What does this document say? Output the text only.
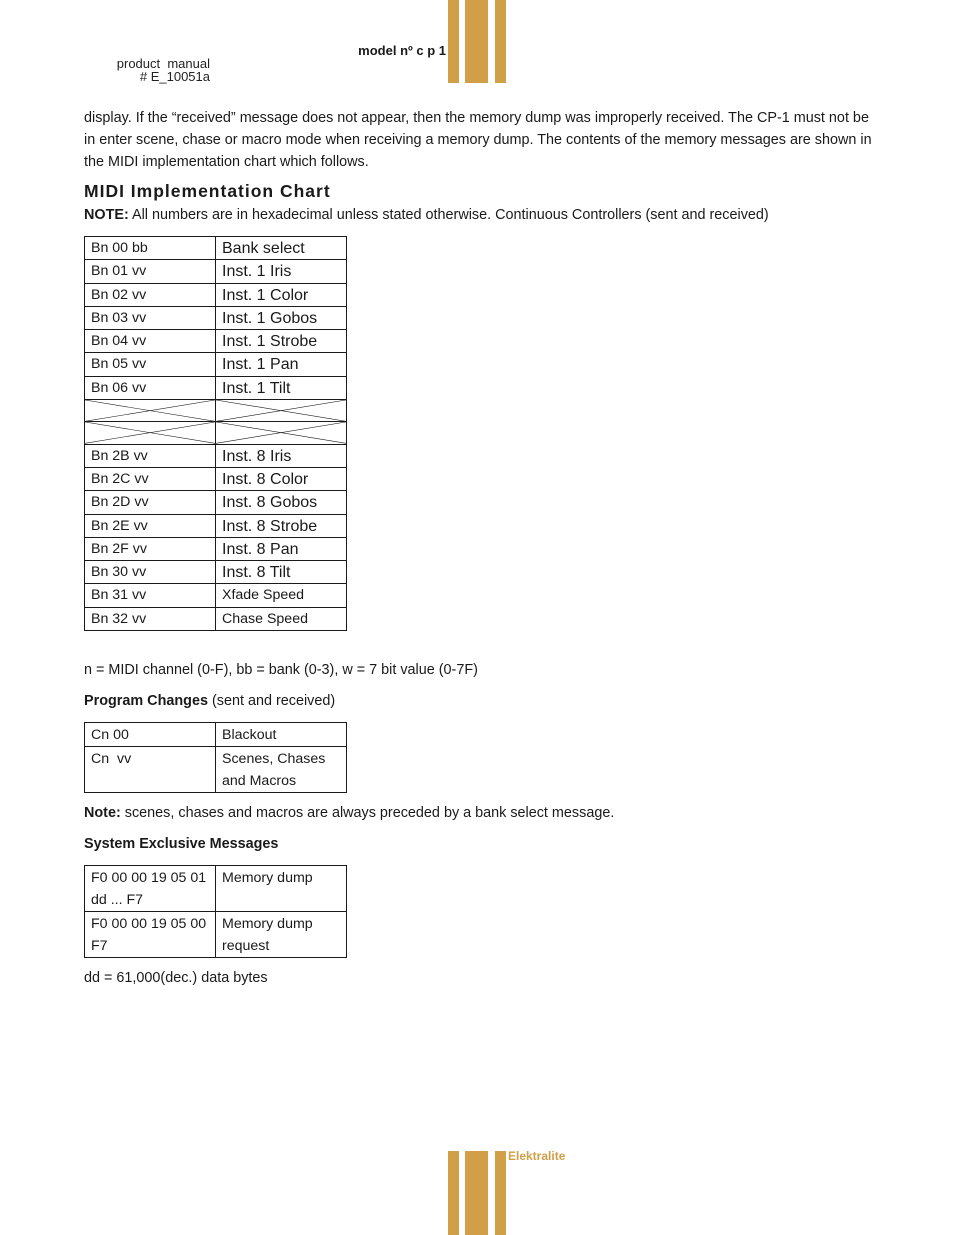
product  manual
# E_10051a
model nº c p 1

display. If the “received” message does not appear, then the memory dump was improperly received. The CP-1 must not be in enter scene, chase or macro mode when receiving a memory dump. The contents of the memory messages are shown in the MIDI implementation chart which follows.

MIDI Implementation Chart
NOTE: All numbers are in hexadecimal unless stated otherwise. Continuous Controllers (sent and received)
Bn 00 bb	Bank select
Bn 01 vv	Inst. 1 Iris
Bn 02 vv	Inst. 1 Color
Bn 03 vv	Inst. 1 Gobos
Bn 04 vv	Inst. 1 Strobe
Bn 05 vv	Inst. 1 Pan
Bn 06 vv	Inst. 1 Tilt

Bn 2B vv	Inst. 8 Iris
Bn 2C vv	Inst. 8 Color
Bn 2D vv	Inst. 8 Gobos
Bn 2E vv	Inst. 8 Strobe
Bn 2F vv	Inst. 8 Pan
Bn 30 vv	Inst. 8 Tilt
Bn 31 vv	Xfade Speed
Bn 32 vv	Chase Speed
n = MIDI channel (0-F), bb = bank (0-3), w = 7 bit value (0-7F)
Program Changes (sent and received)
Cn 00	Blackout
Cn  vv	Scenes, Chases and Macros
Note: scenes, chases and macros are always preceded by a bank select message.
System Exclusive Messages
F0 00 00 19 05 01 dd ... F7	Memory dump
F0 00 00 19 05 00 F7	Memory dump request
dd = 61,000(dec.) data bytes
Elektralite
